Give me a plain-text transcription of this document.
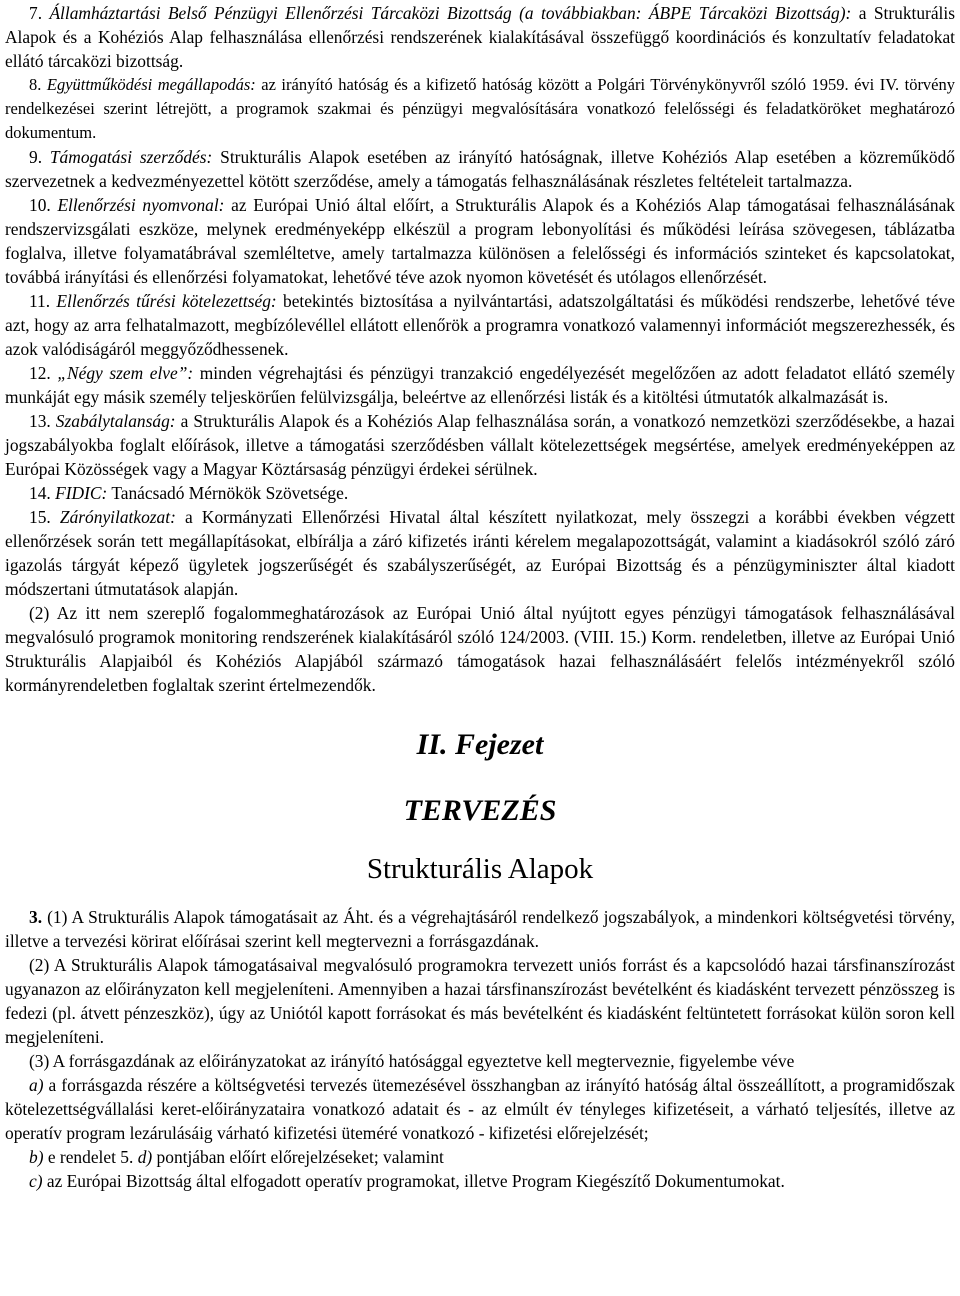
7. Államháztartási Belső Pénzügyi Ellenőrzési Tárcaközi Bizottság (a továbbiakban: ÁBPE Tárcaközi Bizottság): a Strukturális Alapok és a Kohéziós Alap felhasználása ellenőrzési rendszerének kialakításával összefüggő koordinációs és konzultatív feladatokat ellátó tárcaközi bizottság.

8. Együttműködési megállapodás: az irányító hatóság és a kifizető hatóság között a Polgári Törvénykönyvről szóló 1959. évi IV. törvény rendelkezései szerint létrejött, a programok szakmai és pénzügyi megvalósítására vonatkozó felelősségi és feladatköröket meghatározó dokumentum.

9. Támogatási szerződés: Strukturális Alapok esetében az irányító hatóságnak, illetve Kohéziós Alap esetében a közreműködő szervezetnek a kedvezményezettel kötött szerződése, amely a támogatás felhasználásának részletes feltételeit tartalmazza.

10. Ellenőrzési nyomvonal: az Európai Unió által előírt, a Strukturális Alapok és a Kohéziós Alap támogatásai felhasználásának rendszervizsgálati eszköze, melynek eredményeképp elkészül a program lebonyolítási és működési leírása szövegesen, táblázatba foglalva, illetve folyamatábrával szemléltetve, amely tartalmazza különösen a felelősségi és információs szinteket és kapcsolatokat, továbbá irányítási és ellenőrzési folyamatokat, lehetővé téve azok nyomon követését és utólagos ellenőrzését.

11. Ellenőrzés tűrési kötelezettség: betekintés biztosítása a nyilvántartási, adatszolgáltatási és működési rendszerbe, lehetővé téve azt, hogy az arra felhatalmazott, megbízólevéllel ellátott ellenőrök a programra vonatkozó valamennyi információt megszerezhessék, és azok valódiságáról meggyőződhessenek.

12. „Négy szem elve”: minden végrehajtási és pénzügyi tranzakció engedélyezését megelőzően az adott feladatot ellátó személy munkáját egy másik személy teljeskörűen felülvizsgálja, beleértve az ellenőrzési listák és a kitöltési útmutatók alkalmazását is.

13. Szabálytalanság: a Strukturális Alapok és a Kohéziós Alap felhasználása során, a vonatkozó nemzetközi szerződésekbe, a hazai jogszabályokba foglalt előírások, illetve a támogatási szerződésben vállalt kötelezettségek megsértése, amelyek eredményeképpen az Európai Közösségek vagy a Magyar Köztársaság pénzügyi érdekei sérülnek.

14. FIDIC: Tanácsadó Mérnökök Szövetsége.

15. Zárónyilatkozat: a Kormányzati Ellenőrzési Hivatal által készített nyilatkozat, mely összegzi a korábbi években végzett ellenőrzések során tett megállapításokat, elbírálja a záró kifizetés iránti kérelem megalapozottságát, valamint a kiadásokról szóló záró igazolás tárgyát képező ügyletek jogszerűségét és szabályszerűségét, az Európai Bizottság és a pénzügyminiszter által kiadott módszertani útmutatások alapján.

(2) Az itt nem szereplő fogalommeghatározások az Európai Unió által nyújtott egyes pénzügyi támogatások felhasználásával megvalósuló programok monitoring rendszerének kialakításáról szóló 124/2003. (VIII. 15.) Korm. rendeletben, illetve az Európai Unió Strukturális Alapjaiból és Kohéziós Alapjából származó támogatások hazai felhasználásáért felelős intézményekről szóló kormányrendeletben foglaltak szerint értelmezendők.

II. Fejezet
TERVEZÉS
Strukturális Alapok

3. (1) A Strukturális Alapok támogatásait az Áht. és a végrehajtásáról rendelkező jogszabályok, a mindenkori költségvetési törvény, illetve a tervezési körirat előírásai szerint kell megtervezni a forrásgazdának.

(2) A Strukturális Alapok támogatásaival megvalósuló programokra tervezett uniós forrást és a kapcsolódó hazai társfinanszírozást ugyanazon az előirányzaton kell megjeleníteni. Amennyiben a hazai társfinanszírozást bevételként és kiadásként tervezett pénzösszeg is fedezi (pl. átvett pénzeszköz), úgy az Uniótól kapott forrásokat és más bevételként és kiadásként feltüntetett forrásokat külön soron kell megjeleníteni.

(3) A forrásgazdának az előirányzatokat az irányító hatósággal egyeztetve kell megterveznie, figyelembe véve

a) a forrásgazda részére a költségvetési tervezés ütemezésével összhangban az irányító hatóság által összeállított, a programidőszak kötelezettségvállalási keret-előirányzataira vonatkozó adatait és - az elmúlt év tényleges kifizetéseit, a várható teljesítés, illetve az operatív program lezárulásáig várható kifizetési üteméré vonatkozó - kifizetési előrejelzését;

b) e rendelet 5. d) pontjában előírt előrejelzéseket; valamint

c) az Európai Bizottság által elfogadott operatív programokat, illetve Program Kiegészítő Dokumentumokat.
